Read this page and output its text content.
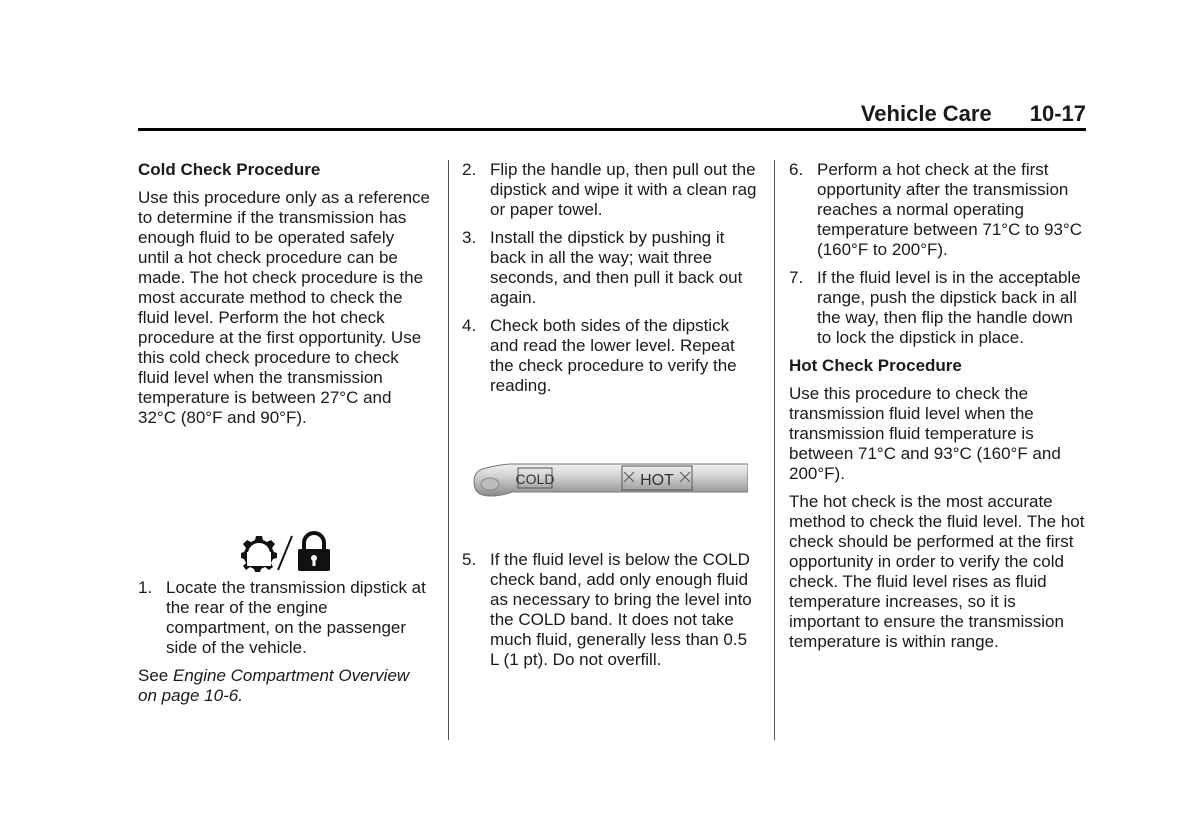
Vehicle Care 10-17

Cold Check Procedure

Use this procedure only as a reference to determine if the transmission has enough fluid to be operated safely until a hot check procedure can be made. The hot check procedure is the most accurate method to check the fluid level. Perform the hot check procedure at the first opportunity. Use this cold check procedure to check fluid level when the transmission temperature is between 27°C and 32°C (80°F and 90°F).

1. Locate the transmission dipstick at the rear of the engine compartment, on the passenger side of the vehicle.

See Engine Compartment Overview on page 10-6.

2. Flip the handle up, then pull out the dipstick and wipe it with a clean rag or paper towel.
3. Install the dipstick by pushing it back in all the way; wait three seconds, and then pull it back out again.
4. Check both sides of the dipstick and read the lower level. Repeat the check procedure to verify the reading.
5. If the fluid level is below the COLD check band, add only enough fluid as necessary to bring the level into the COLD band. It does not take much fluid, generally less than 0.5 L (1 pt). Do not overfill.
COLD	HOT
6. Perform a hot check at the first opportunity after the transmission reaches a normal operating temperature between 71°C to 93°C (160°F to 200°F).
7. If the fluid level is in the acceptable range, push the dipstick back in all the way, then flip the handle down to lock the dipstick in place.

Hot Check Procedure

Use this procedure to check the transmission fluid level when the transmission fluid temperature is between 71°C and 93°C (160°F and 200°F).

The hot check is the most accurate method to check the fluid level. The hot check should be performed at the first opportunity in order to verify the cold check. The fluid level rises as fluid temperature increases, so it is important to ensure the transmission temperature is within range.
